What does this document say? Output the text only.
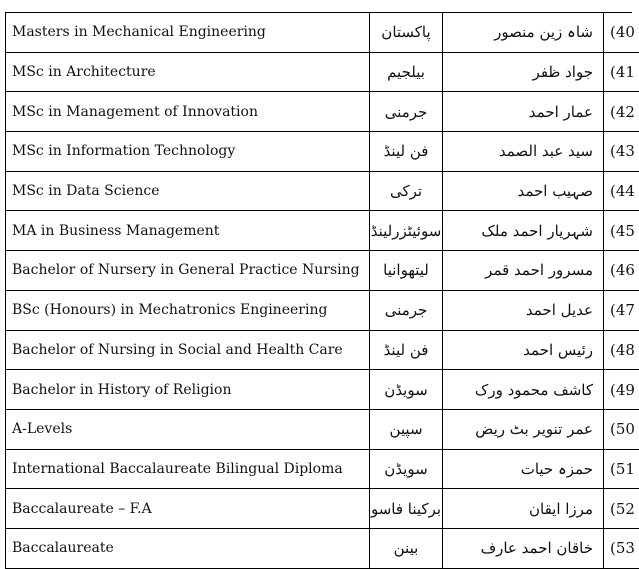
Masters in Mechanical Engineering	پاکستان	شاہ زین منصور	(40
MSc in Architecture	بیلجیم	جواد ظفر	(41
MSc in Management of Innovation	جرمنی	عمار احمد	(42
MSc in Information Technology	فن لینڈ	سید عبد الصمد	(43
MSc in Data Science	ترکی	صہیب احمد	(44
MA in Business Management	سوئیٹزرلینڈ	شہریار احمد ملک	(45
Bachelor of Nursery in General Practice Nursing	لیتھوانیا	مسرور احمد قمر	(46
BSc (Honours) in Mechatronics Engineering	جرمنی	عدیل احمد	(47
Bachelor of Nursing in Social and Health Care	فن لینڈ	رئیس احمد	(48
Bachelor in History of Religion	سویڈن	کاشف محمود ورک	(49
A-Levels	سپین	عمر تنویر بٹ ریض	(50
International Baccalaureate Bilingual Diploma	سویڈن	حمزہ حیات	(51
Baccalaureate – F.A	برکینا فاسو	مرزا ایقان	(52
Baccalaureate	بینن	خاقان احمد عارف	(53
